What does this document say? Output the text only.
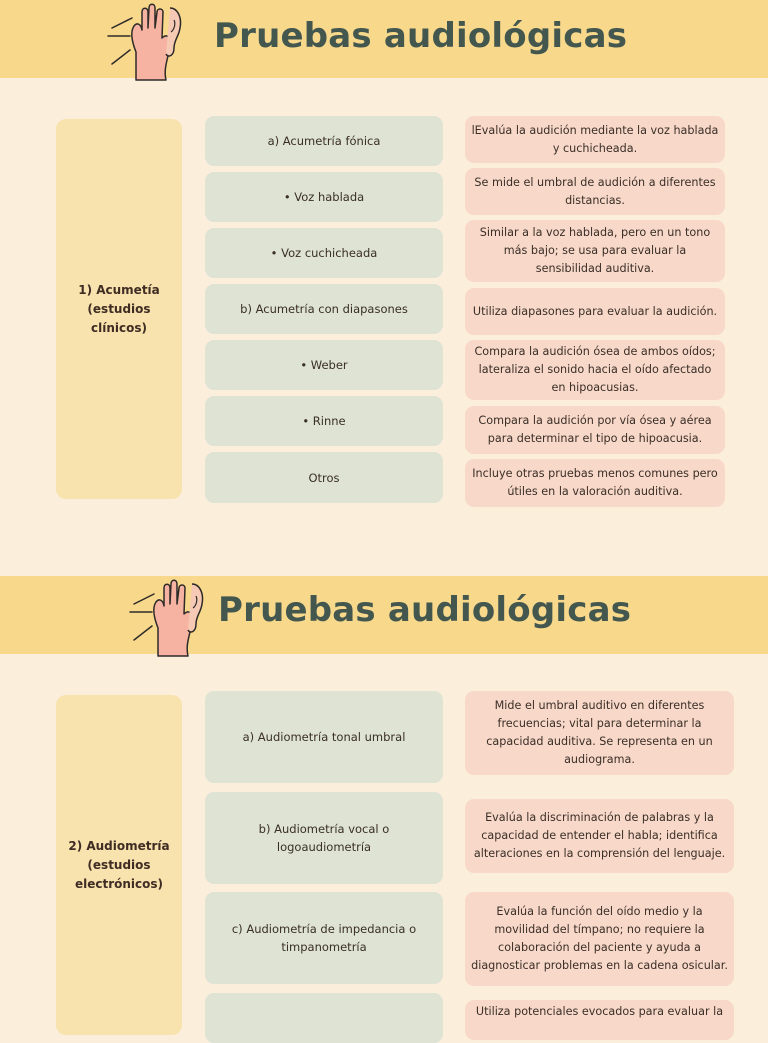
Pruebas audiológicas
1) Acumetía (estudios clínicos)
a) Acumetría fónica
• Voz hablada
• Voz cuchicheada
b) Acumetría con diapasones
• Weber
• Rinne
Otros
lEvalúa la audición mediante la voz hablada y cuchicheada.
Se mide el umbral de audición a diferentes distancias.
Similar a la voz hablada, pero en un tono más bajo; se usa para evaluar la sensibilidad auditiva.
Utiliza diapasones para evaluar la audición.
Compara la audición ósea de ambos oídos; lateraliza el sonido hacia el oído afectado en hipoacusias.
Compara la audición por vía ósea y aérea para determinar el tipo de hipoacusia.
Incluye otras pruebas menos comunes pero útiles en la valoración auditiva.
Pruebas audiológicas
2) Audiometría (estudios electrónicos)
a) Audiometría tonal umbral
b) Audiometría vocal o logoaudiometría
c) Audiometría de impedancia o timpanometría
Mide el umbral auditivo en diferentes frecuencias; vital para determinar la capacidad auditiva. Se representa en un audiograma.
Evalúa la discriminación de palabras y la capacidad de entender el habla; identifica alteraciones en la comprensión del lenguaje.
Evalúa la función del oído medio y la movilidad del tímpano; no requiere la colaboración del paciente y ayuda a diagnosticar problemas en la cadena osicular.
Utiliza potenciales evocados para evaluar la
